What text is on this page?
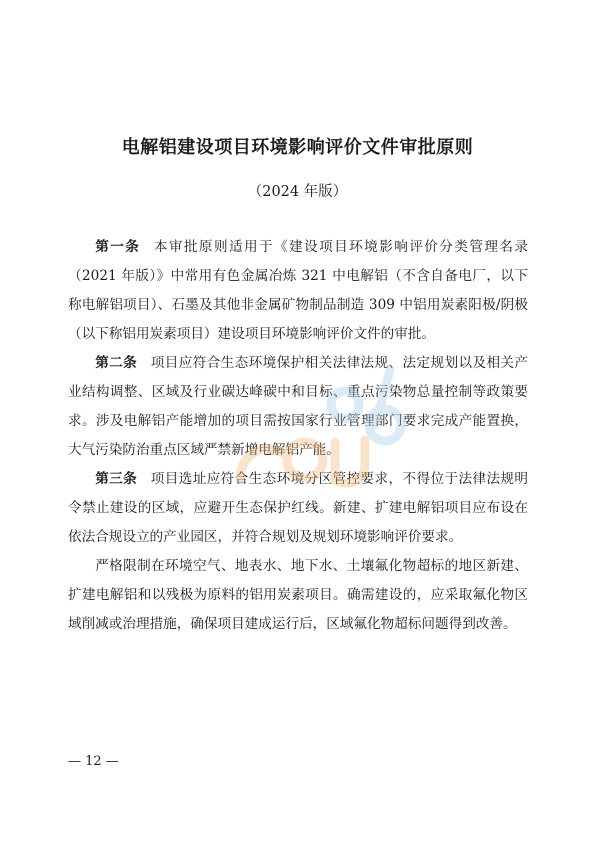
电解铝建设项目环境影响评价文件审批原则
（2024 年版）

第一条 本审批原则适用于《建设项目环境影响评价分类管理名录（2021 年版）》中常用有色金属冶炼 321 中电解铝（不含自备电厂，以下称电解铝项目）、石墨及其他非金属矿物制品制造 309 中铝用炭素阳极/阴极（以下称铝用炭素项目）建设项目环境影响评价文件的审批。

第二条 项目应符合生态环境保护相关法律法规、法定规划以及相关产业结构调整、区域及行业碳达峰碳中和目标、重点污染物总量控制等政策要求。涉及电解铝产能增加的项目需按国家行业管理部门要求完成产能置换，大气污染防治重点区域严禁新增电解铝产能。

第三条 项目选址应符合生态环境分区管控要求，不得位于法律法规明令禁止建设的区域，应避开生态保护红线。新建、扩建电解铝项目应布设在依法合规设立的产业园区，并符合规划及规划环境影响评价要求。

严格限制在环境空气、地表水、地下水、土壤氟化物超标的地区新建、扩建电解铝和以残极为原料的铝用炭素项目。确需建设的，应采取氟化物区域削减或治理措施，确保项目建成运行后，区域氟化物超标问题得到改善。

— 12 —
